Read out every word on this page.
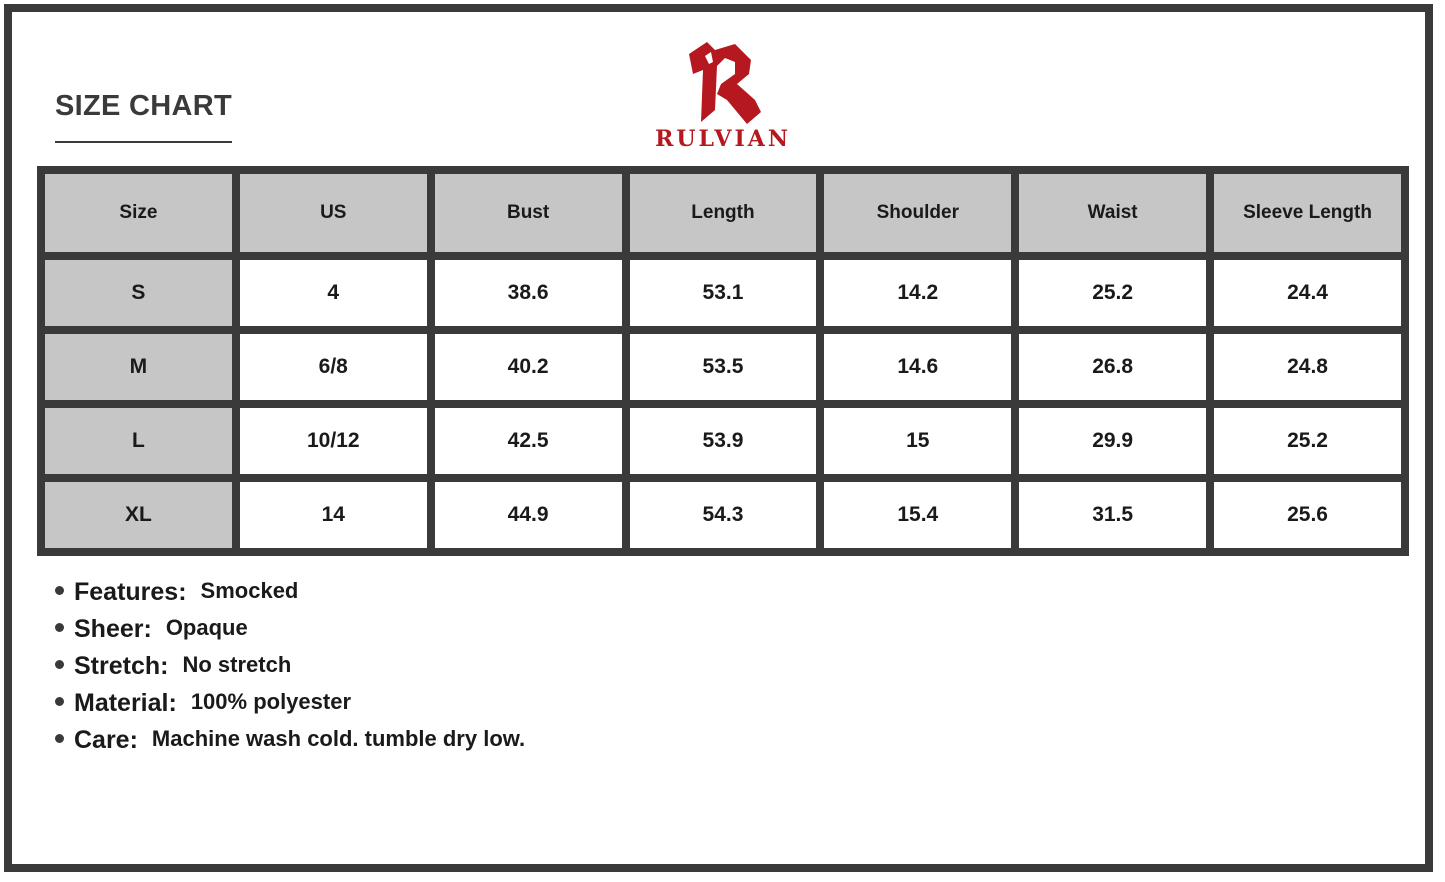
SIZE CHART
RULVIAN
Size	US	Bust	Length	Shoulder	Waist	Sleeve Length
S	4	38.6	53.1	14.2	25.2	24.4
M	6/8	40.2	53.5	14.6	26.8	24.8
L	10/12	42.5	53.9	15	29.9	25.2
XL	14	44.9	54.3	15.4	31.5	25.6
Features: Smocked
Sheer: Opaque
Stretch: No stretch
Material: 100% polyester
Care: Machine wash cold. tumble dry low.
